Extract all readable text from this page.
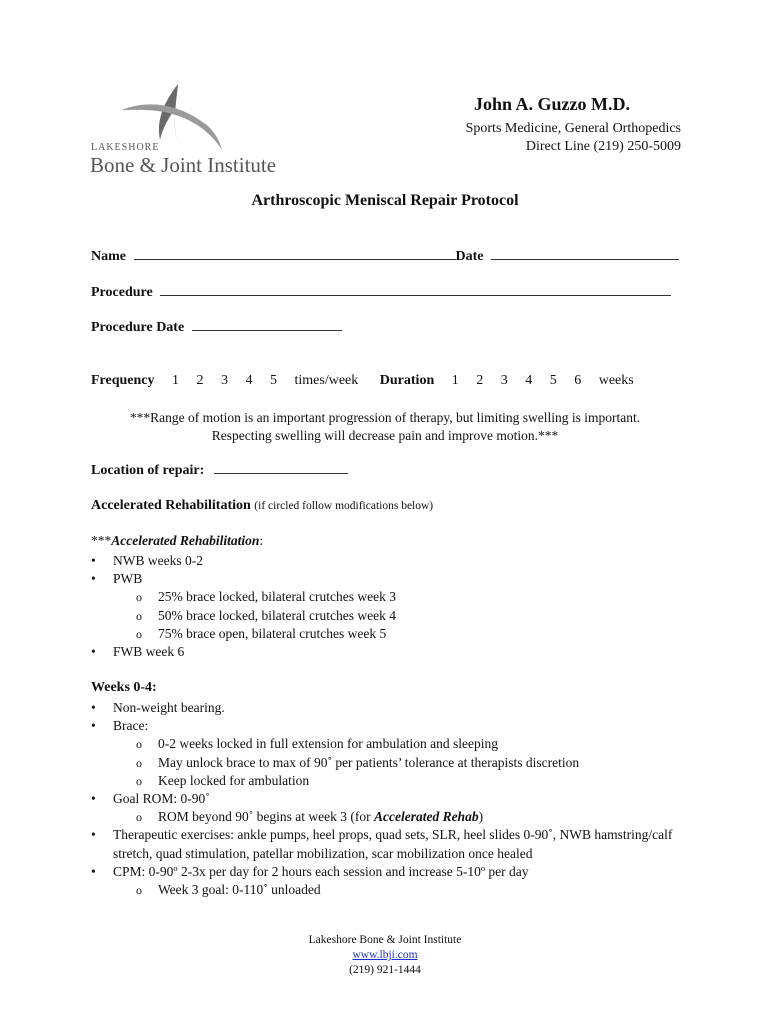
LAKESHORE
Bone & Joint Institute
John A. Guzzo M.D.
Sports Medicine, General Orthopedics
Direct Line (219) 250-5009
Arthroscopic Meniscal Repair Protocol
Name	Date
Procedure
Procedure Date
Frequency 1 2 3 4 5 times/week Duration 1 2 3 4 5 6 weeks
***Range of motion is an important progression of therapy, but limiting swelling is important.
Respecting swelling will decrease pain and improve motion.***
Location of repair:
Accelerated Rehabilitation (if circled follow modifications below)
***Accelerated Rehabilitation:
• NWB weeks 0-2
• PWB
o 25% brace locked, bilateral crutches week 3
o 50% brace locked, bilateral crutches week 4
o 75% brace open, bilateral crutches week 5
• FWB week 6
Weeks 0-4:
• Non-weight bearing.
• Brace:
o 0-2 weeks locked in full extension for ambulation and sleeping
o May unlock brace to max of 90˚ per patients’ tolerance at therapists discretion
o Keep locked for ambulation
• Goal ROM: 0-90˚
o ROM beyond 90˚ begins at week 3 (for Accelerated Rehab)
• Therapeutic exercises: ankle pumps, heel props, quad sets, SLR, heel slides 0-90˚, NWB hamstring/calf stretch, quad stimulation, patellar mobilization, scar mobilization once healed
• CPM: 0-90º 2-3x per day for 2 hours each session and increase 5-10º per day
o Week 3 goal: 0-110˚ unloaded
Lakeshore Bone & Joint Institute
www.lbji.com
(219) 921-1444
